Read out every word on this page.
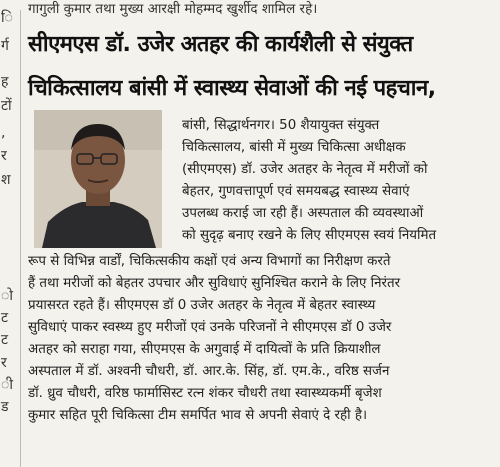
गागुली कुमार तथा मुख्य आरक्षी मोहम्मद खुर्शीद शामिल रहे।
ि
र्ग
ह
टों
,
र
श
ो
ट
ट
र
ी
ड
सीएमएस डॉ. उजेर अतहर की कार्यशैली से संयुक्त
चिकित्सालय बांसी में स्वास्थ्य सेवाओं की नई पहचान,
बांसी, सिद्धार्थनगर। 50 शैयायुक्त संयुक्त
चिकित्सालय, बांसी में मुख्य चिकित्सा अधीक्षक
(सीएमएस) डॉ. उजेर अतहर के नेतृत्व में मरीजों को
बेहतर, गुणवत्तापूर्ण एवं समयबद्ध स्वास्थ्य सेवाएं
उपलब्ध कराई जा रही हैं। अस्पताल की व्यवस्थाओं
को सुदृढ़ बनाए रखने के लिए सीएमएस स्वयं नियमित
रूप से विभिन्न वार्डों, चिकित्सकीय कक्षों एवं अन्य विभागों का निरीक्षण करते
हैं तथा मरीजों को बेहतर उपचार और सुविधाएं सुनिश्चित कराने के लिए निरंतर
प्रयासरत रहते हैं। सीएमएस डॉ 0 उजेर अतहर के नेतृत्व में बेहतर स्वास्थ्य
सुविधाएं पाकर स्वस्थ्य हुए मरीजों एवं उनके परिजनों ने सीएमएस डॉ 0 उजेर
अतहर को सराहा गया, सीएमएस के अगुवाई में दायित्वों के प्रति क्रियाशील
अस्पताल में डॉ. अश्वनी चौधरी, डॉ. आर.के. सिंह, डॉ. एम.के., वरिष्ठ सर्जन
डॉ. ध्रुव चौधरी, वरिष्ठ फार्मासिस्ट रत्न शंकर चौधरी तथा स्वास्थ्यकर्मी बृजेश
कुमार सहित पूरी चिकित्सा टीम समर्पित भाव से अपनी सेवाएं दे रही है।
